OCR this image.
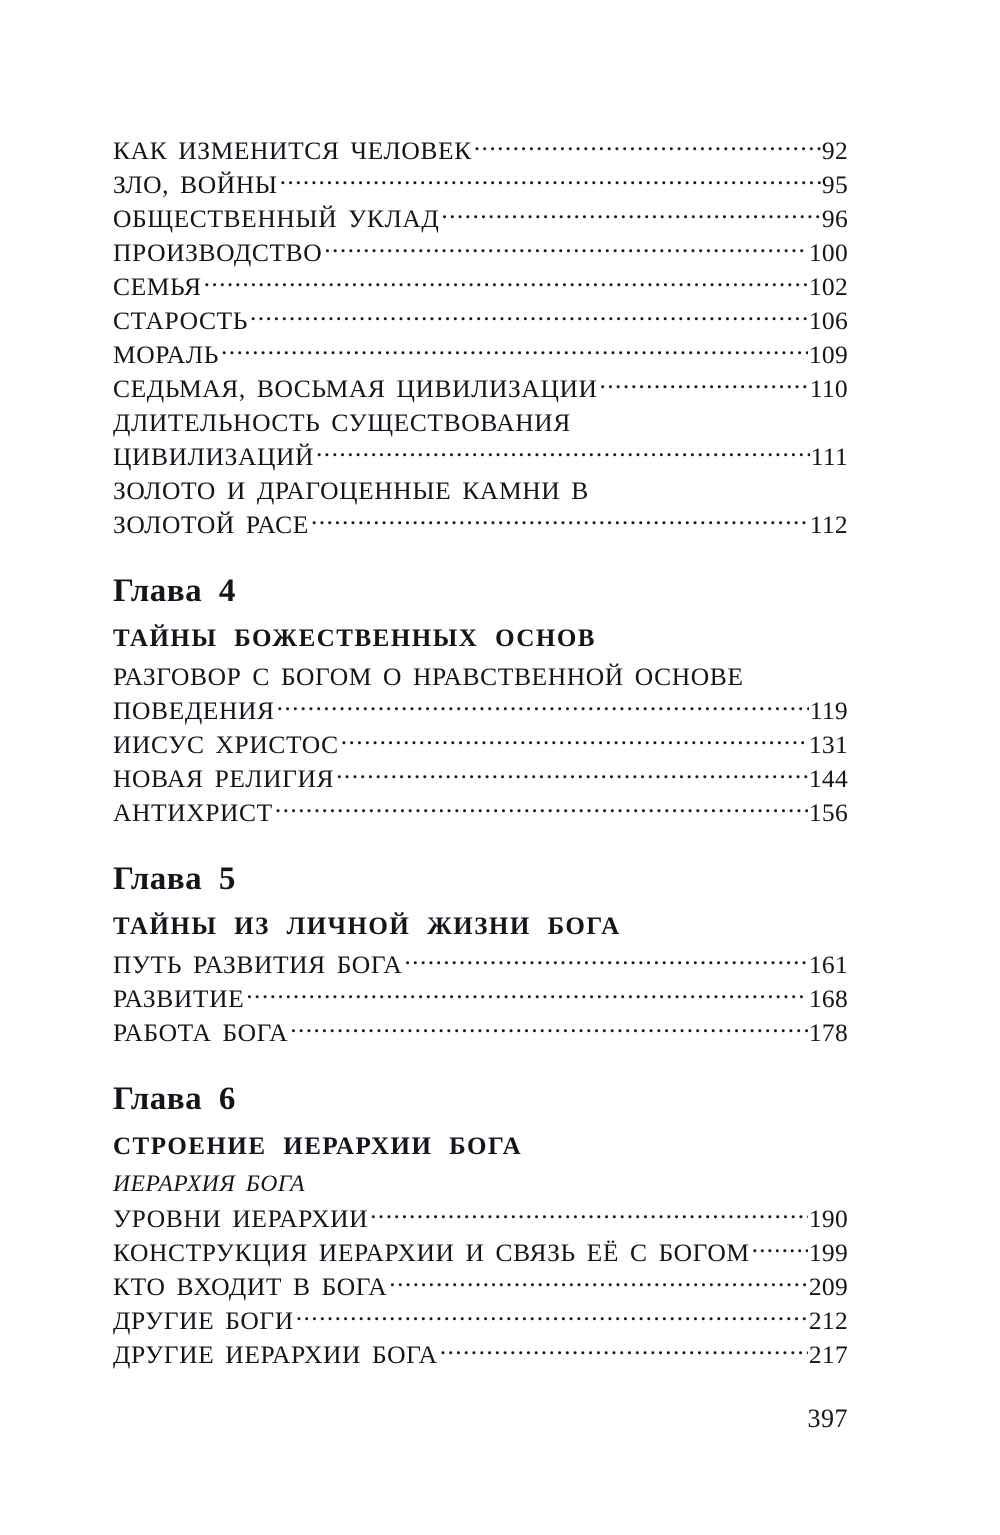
КАК ИЗМЕНИТСЯ ЧЕЛОВЕК .....	92
ЗЛО, ВОЙНЫ .....	95
ОБЩЕСТВЕННЫЙ УКЛАД .....	96
ПРОИЗВОДСТВО .....	100
СЕМЬЯ .....	102
СТАРОСТЬ .....	106
МОРАЛЬ .....	109
СЕДЬМАЯ, ВОСЬМАЯ ЦИВИЛИЗАЦИИ .....	110
ДЛИТЕЛЬНОСТЬ СУЩЕСТВОВАНИЯ
ЦИВИЛИЗАЦИЙ .....	111
ЗОЛОТО И ДРАГОЦЕННЫЕ КАМНИ В
ЗОЛОТОЙ РАСЕ .....	112
Глава 4
ТАЙНЫ БОЖЕСТВЕННЫХ ОСНОВ
РАЗГОВОР С БОГОМ О НРАВСТВЕННОЙ ОСНОВЕ
ПОВЕДЕНИЯ .....	119
ИИСУС ХРИСТОС .....	131
НОВАЯ РЕЛИГИЯ .....	144
АНТИХРИСТ .....	156
Глава 5
ТАЙНЫ ИЗ ЛИЧНОЙ ЖИЗНИ БОГА
ПУТЬ РАЗВИТИЯ БОГА .....	161
РАЗВИТИЕ .....	168
РАБОТА БОГА .....	178
Глава 6
СТРОЕНИЕ ИЕРАРХИИ БОГА
ИЕРАРХИЯ БОГА
УРОВНИ ИЕРАРХИИ .....	190
КОНСТРУКЦИЯ ИЕРАРХИИ И СВЯЗЬ ЕЁ С БОГОМ ..... 199
КТО ВХОДИТ В БОГА .....	209
ДРУГИЕ БОГИ .....	212
ДРУГИЕ ИЕРАРХИИ БОГА .....	217
397
